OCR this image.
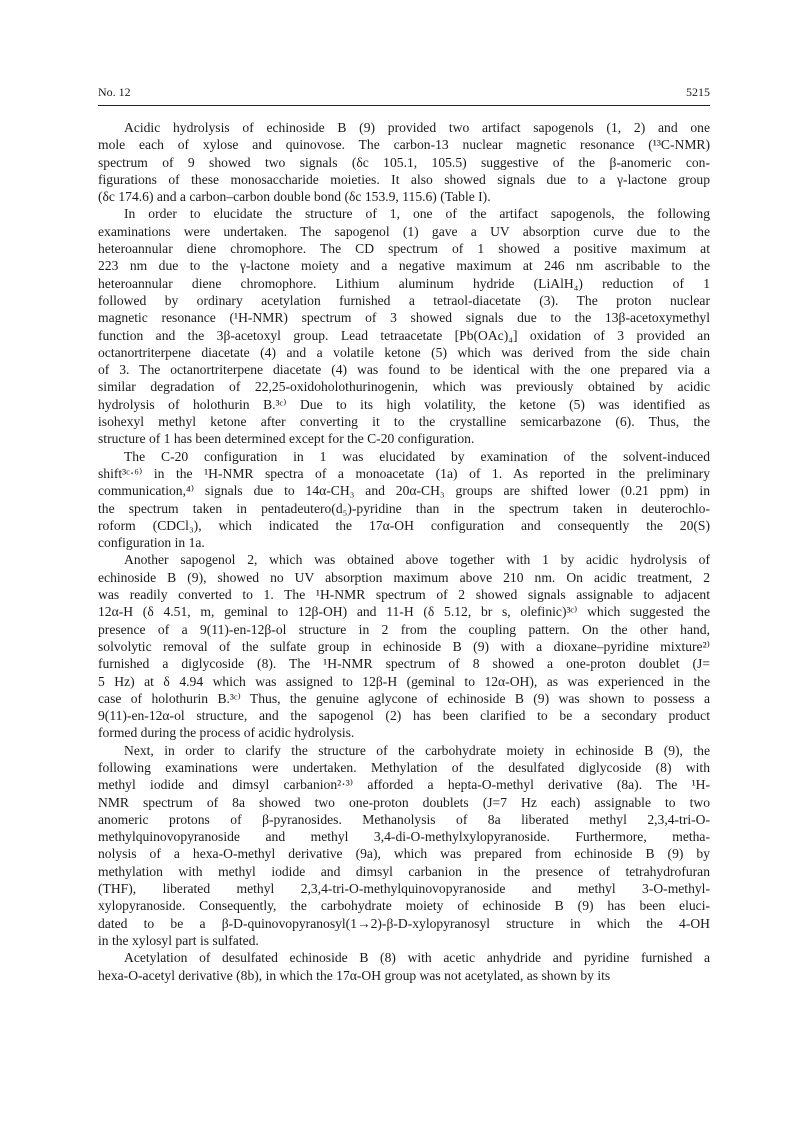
No. 12	5215

Acidic hydrolysis of echinoside B (9) provided two artifact sapogenols (1, 2) and one
mole each of xylose and quinovose. The carbon-13 nuclear magnetic resonance (¹³C-NMR)
spectrum of 9 showed two signals (δc 105.1, 105.5) suggestive of the β-anomeric con-
figurations of these monosaccharide moieties. It also showed signals due to a γ-lactone group
(δc 174.6) and a carbon–carbon double bond (δc 153.9, 115.6) (Table I).

In order to elucidate the structure of 1, one of the artifact sapogenols, the following
examinations were undertaken. The sapogenol (1) gave a UV absorption curve due to the
heteroannular diene chromophore. The CD spectrum of 1 showed a positive maximum at
223 nm due to the γ-lactone moiety and a negative maximum at 246 nm ascribable to the
heteroannular diene chromophore. Lithium aluminum hydride (LiAlH₄) reduction of 1
followed by ordinary acetylation furnished a tetraol-diacetate (3). The proton nuclear
magnetic resonance (¹H-NMR) spectrum of 3 showed signals due to the 13β-acetoxymethyl
function and the 3β-acetoxyl group. Lead tetraacetate [Pb(OAc)₄] oxidation of 3 provided an
octanortriterpene diacetate (4) and a volatile ketone (5) which was derived from the side chain
of 3. The octanortriterpene diacetate (4) was found to be identical with the one prepared via a
similar degradation of 22,25-oxidoholothurinogenin, which was previously obtained by acidic
hydrolysis of holothurin B.³ᶜ⁾ Due to its high volatility, the ketone (5) was identified as
isohexyl methyl ketone after converting it to the crystalline semicarbazone (6). Thus, the
structure of 1 has been determined except for the C-20 configuration.

The C-20 configuration in 1 was elucidated by examination of the solvent-induced
shift³ᶜ·⁶⁾ in the ¹H-NMR spectra of a monoacetate (1a) of 1. As reported in the preliminary
communication,⁴⁾ signals due to 14α-CH₃ and 20α-CH₃ groups are shifted lower (0.21 ppm) in
the spectrum taken in pentadeutero(d₅)-pyridine than in the spectrum taken in deuterochlo-
roform (CDCl₃), which indicated the 17α-OH configuration and consequently the 20(S)
configuration in 1a.

Another sapogenol 2, which was obtained above together with 1 by acidic hydrolysis of
echinoside B (9), showed no UV absorption maximum above 210 nm. On acidic treatment, 2
was readily converted to 1. The ¹H-NMR spectrum of 2 showed signals assignable to adjacent
12α-H (δ 4.51, m, geminal to 12β-OH) and 11-H (δ 5.12, br s, olefinic)³ᶜ⁾ which suggested the
presence of a 9(11)-en-12β-ol structure in 2 from the coupling pattern. On the other hand,
solvolytic removal of the sulfate group in echinoside B (9) with a dioxane–pyridine mixture²⁾
furnished a diglycoside (8). The ¹H-NMR spectrum of 8 showed a one-proton doublet (J=
5 Hz) at δ 4.94 which was assigned to 12β-H (geminal to 12α-OH), as was experienced in the
case of holothurin B.³ᶜ⁾ Thus, the genuine aglycone of echinoside B (9) was shown to possess a
9(11)-en-12α-ol structure, and the sapogenol (2) has been clarified to be a secondary product
formed during the process of acidic hydrolysis.

Next, in order to clarify the structure of the carbohydrate moiety in echinoside B (9), the
following examinations were undertaken. Methylation of the desulfated diglycoside (8) with
methyl iodide and dimsyl carbanion²·³⁾ afforded a hepta-O-methyl derivative (8a). The ¹H-
NMR spectrum of 8a showed two one-proton doublets (J=7 Hz each) assignable to two
anomeric protons of β-pyranosides. Methanolysis of 8a liberated methyl 2,3,4-tri-O-
methylquinovopyranoside and methyl 3,4-di-O-methylxylopyranoside. Furthermore, metha-
nolysis of a hexa-O-methyl derivative (9a), which was prepared from echinoside B (9) by
methylation with methyl iodide and dimsyl carbanion in the presence of tetrahydrofuran
(THF), liberated methyl 2,3,4-tri-O-methylquinovopyranoside and methyl 3-O-methyl-
xylopyranoside. Consequently, the carbohydrate moiety of echinoside B (9) has been eluci-
dated to be a β-D-quinovopyranosyl(1→2)-β-D-xylopyranosyl structure in which the 4-OH
in the xylosyl part is sulfated.

Acetylation of desulfated echinoside B (8) with acetic anhydride and pyridine furnished a
hexa-O-acetyl derivative (8b), in which the 17α-OH group was not acetylated, as shown by its
